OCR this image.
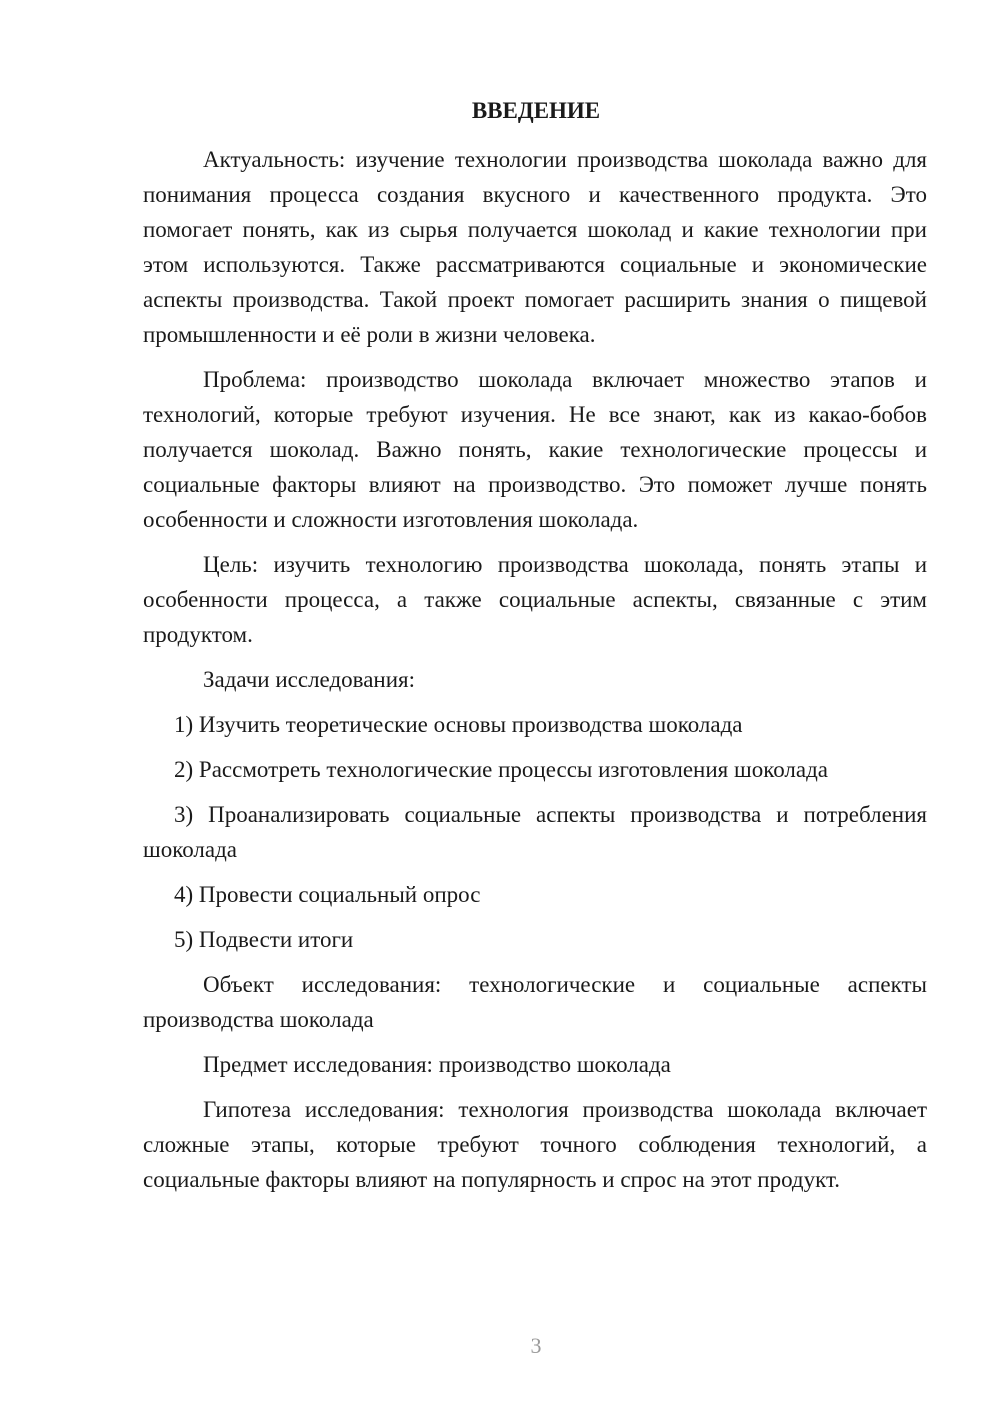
ВВЕДЕНИЕ

Актуальность: изучение технологии производства шоколада важно для понимания процесса создания вкусного и качественного продукта. Это помогает понять, как из сырья получается шоколад и какие технологии при этом используются. Также рассматриваются социальные и экономические аспекты производства. Такой проект помогает расширить знания о пищевой промышленности и её роли в жизни человека.

Проблема: производство шоколада включает множество этапов и технологий, которые требуют изучения. Не все знают, как из какао-бобов получается шоколад. Важно понять, какие технологические процессы и социальные факторы влияют на производство. Это поможет лучше понять особенности и сложности изготовления шоколада.

Цель: изучить технологию производства шоколада, понять этапы и особенности процесса, а также социальные аспекты, связанные с этим продуктом.

Задачи исследования:

1) Изучить теоретические основы производства шоколада

2) Рассмотреть технологические процессы изготовления шоколада

3) Проанализировать социальные аспекты производства и потребления шоколада

4) Провести социальный опрос

5) Подвести итоги

Объект исследования: технологические и социальные аспекты производства шоколада

Предмет исследования: производство шоколада

Гипотеза исследования: технология производства шоколада включает сложные этапы, которые требуют точного соблюдения технологий, а социальные факторы влияют на популярность и спрос на этот продукт.

3
